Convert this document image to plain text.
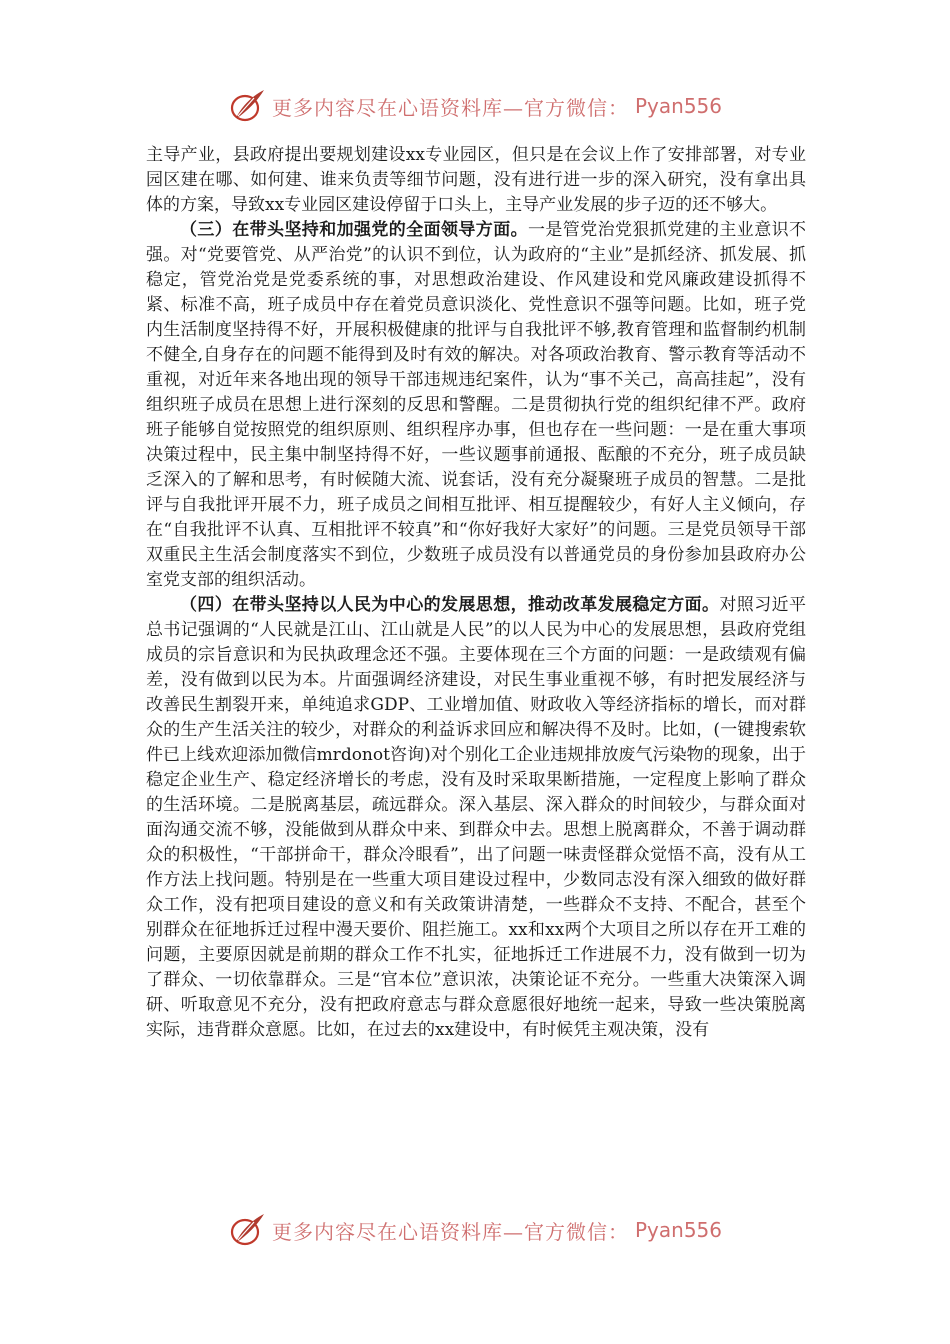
更多内容尽在心语资料库—官方微信： Pyan556

主导产业，县政府提出要规划建设xx专业园区，但只是在会议上作了安排部署，对专业园区建在哪、如何建、谁来负责等细节问题，没有进行进一步的深入研究，没有拿出具体的方案，导致xx专业园区建设停留于口头上，主导产业发展的步子迈的还不够大。

（三）在带头坚持和加强党的全面领导方面。一是管党治党狠抓党建的主业意识不强。对“党要管党、从严治党”的认识不到位，认为政府的“主业”是抓经济、抓发展、抓稳定，管党治党是党委系统的事，对思想政治建设、作风建设和党风廉政建设抓得不紧、标准不高，班子成员中存在着党员意识淡化、党性意识不强等问题。比如，班子党内生活制度坚持得不好，开展积极健康的批评与自我批评不够,教育管理和监督制约机制不健全,自身存在的问题不能得到及时有效的解决。对各项政治教育、警示教育等活动不重视，对近年来各地出现的领导干部违规违纪案件，认为“事不关己，高高挂起”，没有组织班子成员在思想上进行深刻的反思和警醒。二是贯彻执行党的组织纪律不严。政府班子能够自觉按照党的组织原则、组织程序办事，但也存在一些问题：一是在重大事项决策过程中，民主集中制坚持得不好，一些议题事前通报、酝酿的不充分，班子成员缺乏深入的了解和思考，有时候随大流、说套话，没有充分凝聚班子成员的智慧。二是批评与自我批评开展不力，班子成员之间相互批评、相互提醒较少，有好人主义倾向，存在“自我批评不认真、互相批评不较真”和“你好我好大家好”的问题。三是党员领导干部双重民主生活会制度落实不到位，少数班子成员没有以普通党员的身份参加县政府办公室党支部的组织活动。

（四）在带头坚持以人民为中心的发展思想，推动改革发展稳定方面。对照习近平总书记强调的“人民就是江山、江山就是人民”的以人民为中心的发展思想，县政府党组成员的宗旨意识和为民执政理念还不强。主要体现在三个方面的问题：一是政绩观有偏差，没有做到以民为本。片面强调经济建设，对民生事业重视不够，有时把发展经济与改善民生割裂开来，单纯追求GDP、工业增加值、财政收入等经济指标的增长，而对群众的生产生活关注的较少，对群众的利益诉求回应和解决得不及时。比如，(一键搜索软件已上线欢迎添加微信mrdonot咨询)对个别化工企业违规排放废气污染物的现象，出于稳定企业生产、稳定经济增长的考虑，没有及时采取果断措施，一定程度上影响了群众的生活环境。二是脱离基层，疏远群众。深入基层、深入群众的时间较少，与群众面对面沟通交流不够，没能做到从群众中来、到群众中去。思想上脱离群众，不善于调动群众的积极性，“干部拼命干，群众冷眼看”，出了问题一味责怪群众觉悟不高，没有从工作方法上找问题。特别是在一些重大项目建设过程中，少数同志没有深入细致的做好群众工作，没有把项目建设的意义和有关政策讲清楚，一些群众不支持、不配合，甚至个别群众在征地拆迁过程中漫天要价、阻拦施工。xx和xx两个大项目之所以存在开工难的问题，主要原因就是前期的群众工作不扎实，征地拆迁工作进展不力，没有做到一切为了群众、一切依靠群众。三是“官本位”意识浓，决策论证不充分。一些重大决策深入调研、听取意见不充分，没有把政府意志与群众意愿很好地统一起来，导致一些决策脱离实际，违背群众意愿。比如，在过去的xx建设中，有时候凭主观决策，没有

更多内容尽在心语资料库—官方微信： Pyan556
